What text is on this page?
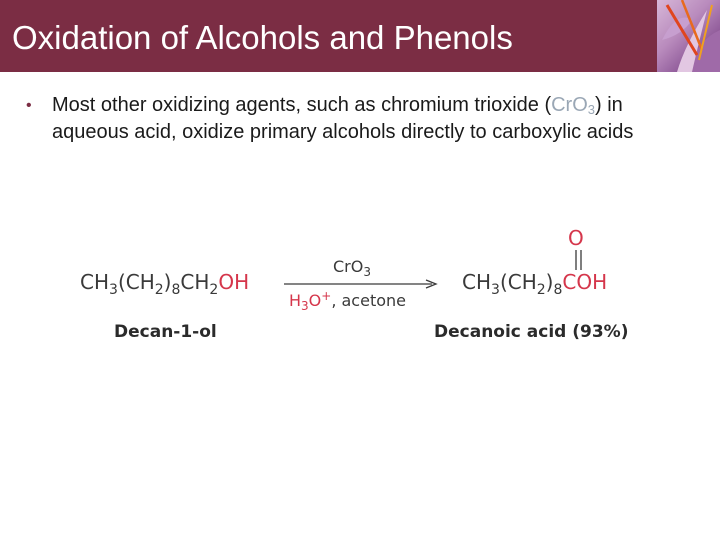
Oxidation of Alcohols and Phenols
• Most other oxidizing agents, such as chromium trioxide (CrO$_3$) in aqueous acid, oxidize primary alcohols directly to carboxylic acids
$CH_3(CH_2)_8CH_2OH$
Decan-1-ol
CrO$_3$
$H_3O^+$, acetone
O
$CH_3(CH_2)_8COH$
Decanoic acid (93%)
